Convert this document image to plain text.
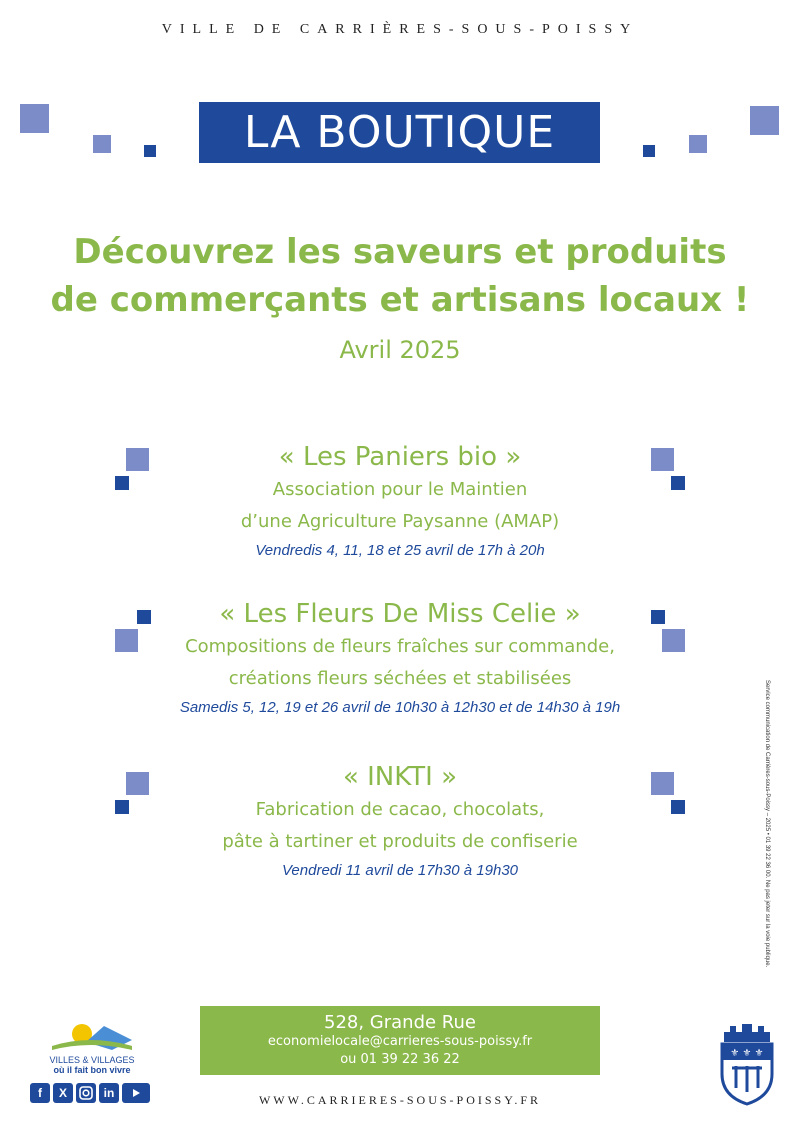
VILLE DE CARRIÈRES-SOUS-POISSY
LA BOUTIQUE
Découvrez les saveurs et produits
de commerçants et artisans locaux !
Avril 2025
« Les Paniers bio »
Association pour le Maintien
d’une Agriculture Paysanne (AMAP)
Vendredis 4, 11, 18 et 25 avril de 17h à 20h
« Les Fleurs De Miss Celie »
Compositions de fleurs fraîches sur commande,
créations fleurs séchées et stabilisées
Samedis 5, 12, 19 et 26 avril de 10h30 à 12h30 et de 14h30 à 19h
« INKTI »
Fabrication de cacao, chocolats,
pâte à tartiner et produits de confiserie
Vendredi 11 avril de 17h30 à 19h30	Service communication de Carrières-sous-Poissy – 2025 • 01 39 22 36 00. Ne pas jeter sur la voie publique.
528, Grande Rue
economielocale@carrieres-sous-poissy.fr
ou 01 39 22 36 22
WWW.CARRIERES-SOUS-POISSY.FR
VILLES & VILLAGES
où il fait bon vivre
f	X	in
⚜ ⚜ ⚜
